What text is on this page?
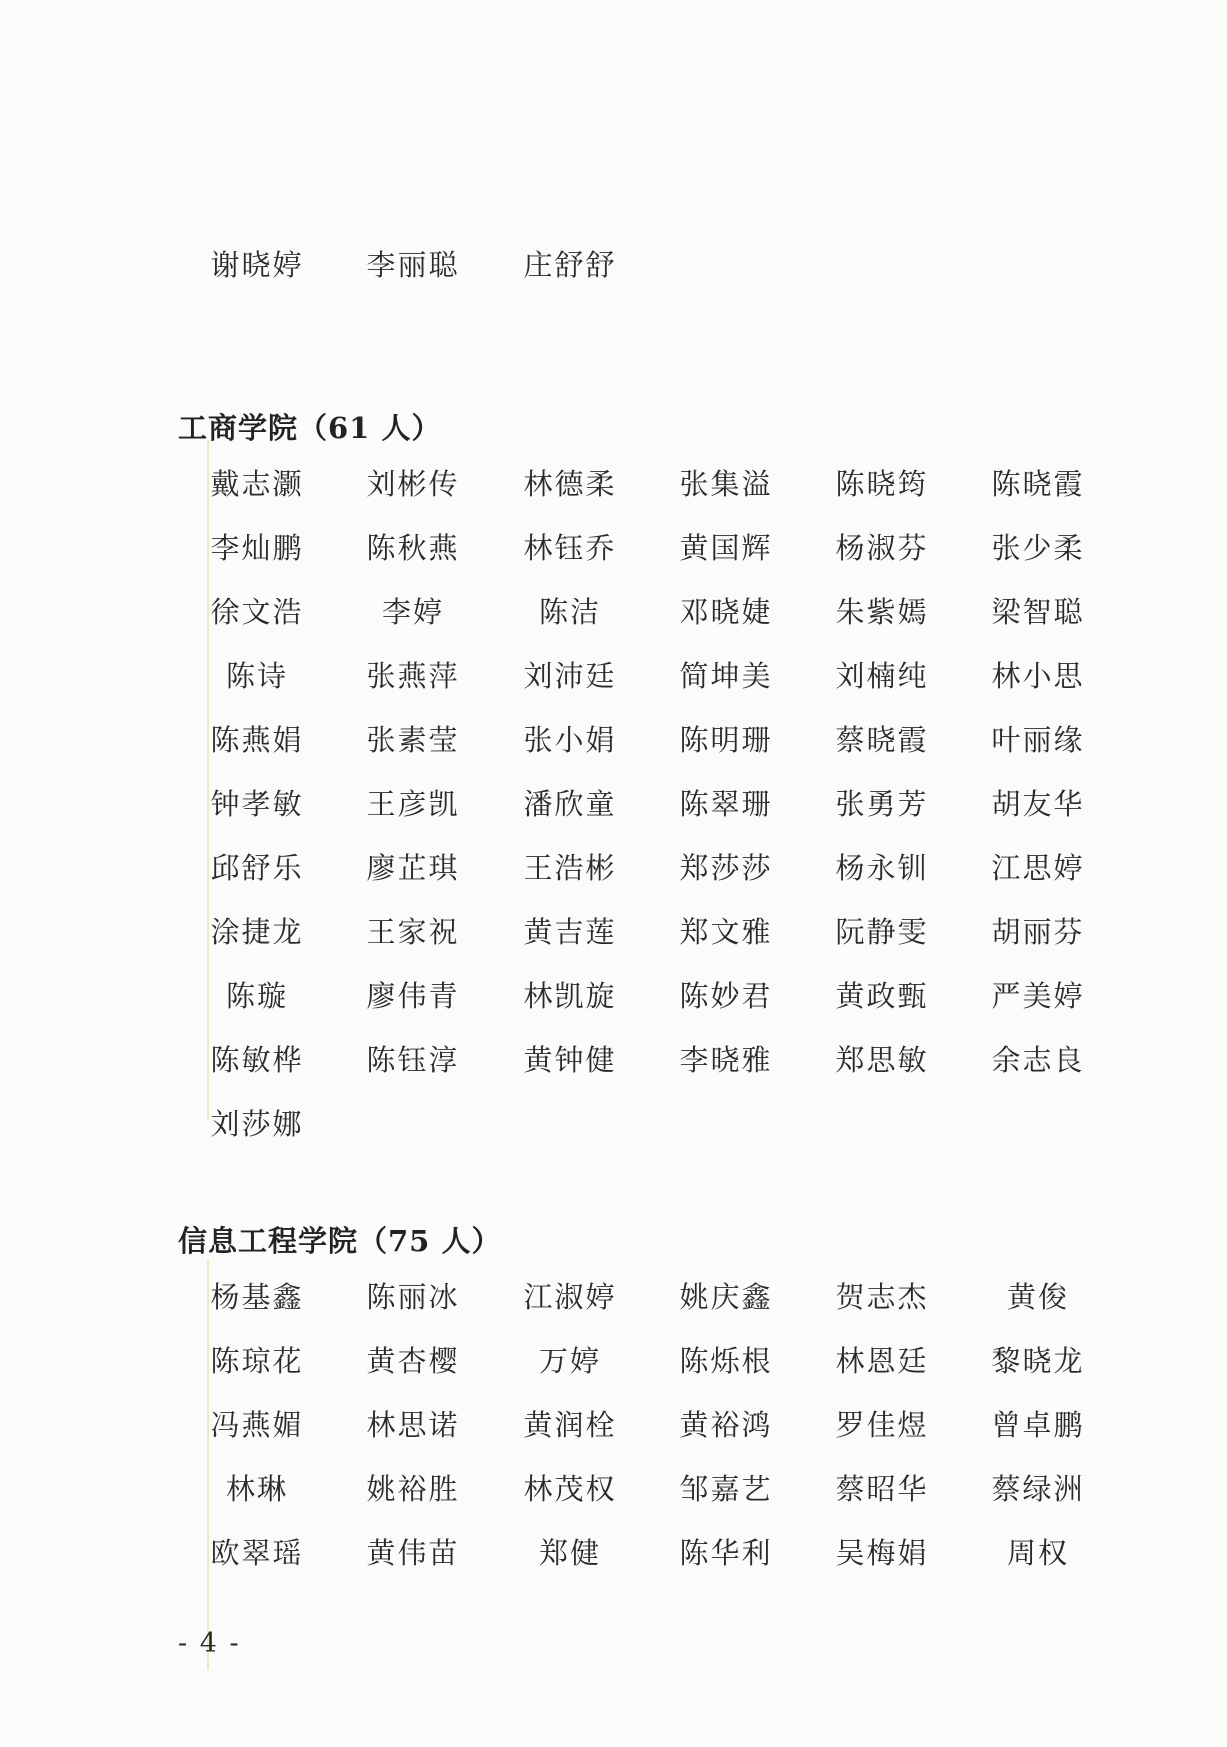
工商学院（61 人）
信息工程学院（75 人）
- 4 -
谢晓婷	李丽聪	庄舒舒
戴志灏	刘彬传	林德柔	张集溢	陈晓筠	陈晓霞
李灿鹏	陈秋燕	林钰乔	黄国辉	杨淑芬	张少柔
徐文浩	李婷	陈洁	邓晓婕	朱紫嫣	梁智聪
陈诗	张燕萍	刘沛廷	简坤美	刘楠纯	林小思
陈燕娟	张素莹	张小娟	陈明珊	蔡晓霞	叶丽缘
钟孝敏	王彦凯	潘欣童	陈翠珊	张勇芳	胡友华
邱舒乐	廖芷琪	王浩彬	郑莎莎	杨永钏	江思婷
涂捷龙	王家祝	黄吉莲	郑文雅	阮静雯	胡丽芬
陈璇	廖伟青	林凯旋	陈妙君	黄政甄	严美婷
陈敏桦	陈钰淳	黄钟健	李晓雅	郑思敏	余志良
刘莎娜
杨基鑫	陈丽冰	江淑婷	姚庆鑫	贺志杰	黄俊
陈琼花	黄杏樱	万婷	陈烁根	林恩廷	黎晓龙
冯燕媚	林思诺	黄润栓	黄裕鸿	罗佳煜	曾卓鹏
林琳	姚裕胜	林茂权	邹嘉艺	蔡昭华	蔡绿洲
欧翠瑶	黄伟苗	郑健	陈华利	吴梅娟	周权
